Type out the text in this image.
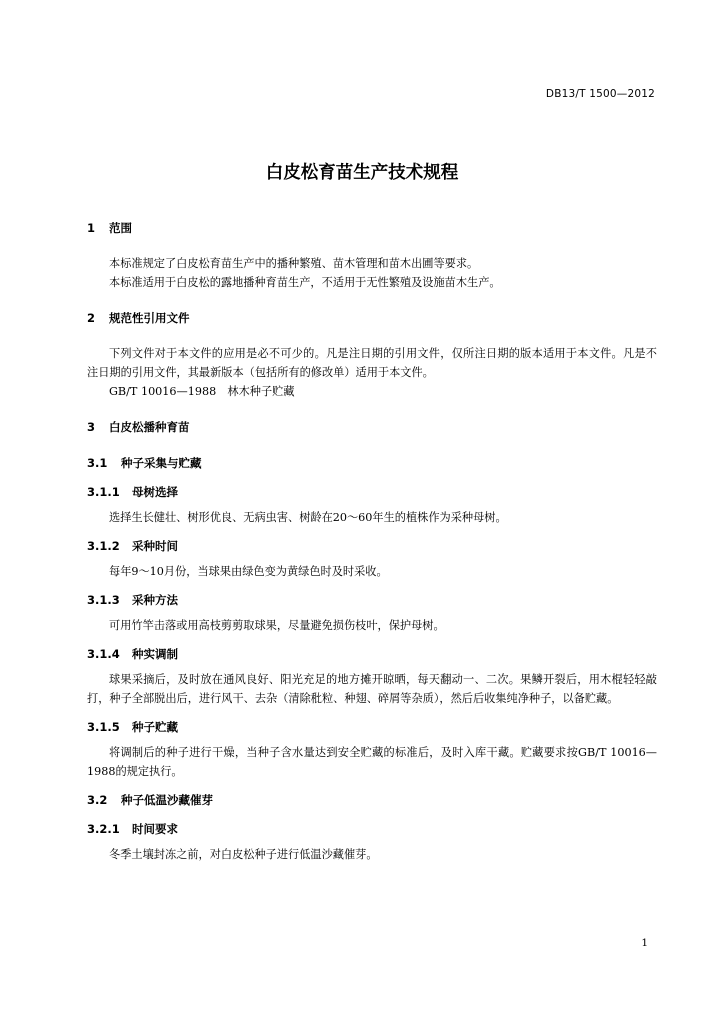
DB13/T 1500—2012
白皮松育苗生产技术规程
1	范围

本标准规定了白皮松育苗生产中的播种繁殖、苗木管理和苗木出圃等要求。

本标准适用于白皮松的露地播种育苗生产，不适用于无性繁殖及设施苗木生产。

2	规范性引用文件

下列文件对于本文件的应用是必不可少的。凡是注日期的引用文件，仅所注日期的版本适用于本文件。凡是不注日期的引用文件，其最新版本（包括所有的修改单）适用于本文件。

GB/T 10016—1988　林木种子贮藏

3	白皮松播种育苗
3.1	种子采集与贮藏
3.1.1	母树选择

选择生长健壮、树形优良、无病虫害、树龄在20～60年生的植株作为采种母树。

3.1.2	采种时间

每年9～10月份，当球果由绿色变为黄绿色时及时采收。

3.1.3	采种方法

可用竹竿击落或用高枝剪剪取球果，尽量避免损伤枝叶，保护母树。

3.1.4	种实调制

球果采摘后，及时放在通风良好、阳光充足的地方摊开晾晒，每天翻动一、二次。果鳞开裂后，用木棍轻轻敲打，种子全部脱出后，进行风干、去杂（清除秕粒、种翅、碎屑等杂质），然后后收集纯净种子，以备贮藏。

3.1.5	种子贮藏

将调制后的种子进行干燥，当种子含水量达到安全贮藏的标准后，及时入库干藏。贮藏要求按GB/T 10016—1988的规定执行。

3.2	种子低温沙藏催芽
3.2.1	时间要求

冬季土壤封冻之前，对白皮松种子进行低温沙藏催芽。

1
